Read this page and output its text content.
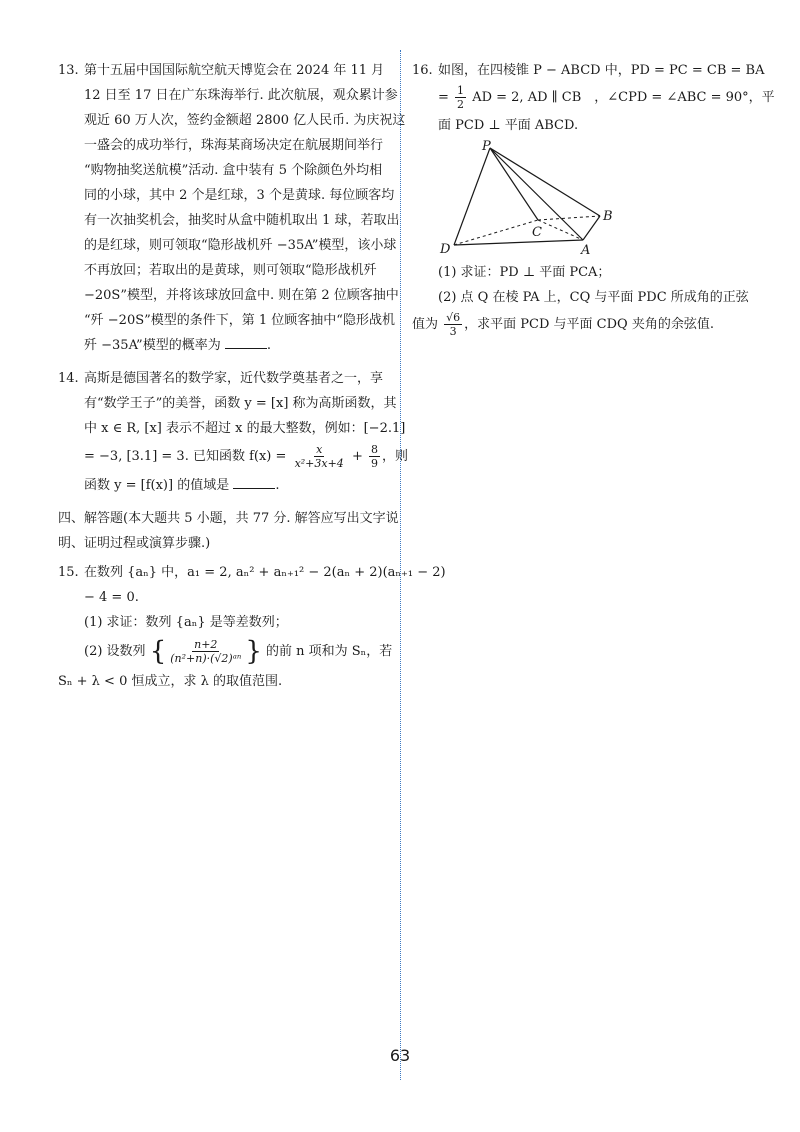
13. 第十五届中国国际航空航天博览会在 2024 年 11 月
12 日至 17 日在广东珠海举行. 此次航展，观众累计参
观近 60 万人次，签约金额超 2800 亿人民币. 为庆祝这
一盛会的成功举行，珠海某商场决定在航展期间举行
“购物抽奖送航模”活动. 盒中装有 5 个除颜色外均相
同的小球，其中 2 个是红球，3 个是黄球. 每位顾客均
有一次抽奖机会，抽奖时从盒中随机取出 1 球，若取出
的是红球，则可领取“隐形战机歼 −35A”模型，该小球
不再放回；若取出的是黄球，则可领取“隐形战机歼
−20S”模型，并将该球放回盒中. 则在第 2 位顾客抽中
“歼 −20S”模型的条件下，第 1 位顾客抽中“隐形战机
歼 −35A”模型的概率为	.
14. 高斯是德国著名的数学家，近代数学奠基者之一，享
有“数学王子”的美誉，函数 y = [x] 称为高斯函数，其
中 x ∈ R, [x] 表示不超过 x 的最大整数，例如：[−2.1]
= −3, [3.1] = 3. 已知函数 $f(x) = \frac{x}{\text{x²+3x+4}} + \frac{8}{9}$ ，则
函数 y = [f(x)] 的值域是	.
四、解答题(本大题共 5 小题，共 77 分. 解答应写出文字说
明、证明过程或演算步骤.)
15. 在数列 {aₙ} 中，a₁ = 2, aₙ² + aₙ₊₁² − 2(aₙ + 2)(aₙ₊₁ − 2)
− 4 = 0.
(1) 求证：数列 {aₙ} 是等差数列；
(2) 设数列 { $\frac{n+2}{\text{(n²+n)·(√2)ᵃⁿ}}$ } 的前 n 项和为 Sₙ，若
Sₙ + λ < 0 恒成立，求 λ 的取值范围.
16. 如图，在四棱锥 P − ABCD 中，PD = PC = CB = BA
= $\frac{1}{2}$ AD = 2, AD ∥ CB　，∠CPD = ∠ABC = 90°，平
面 PCD ⊥ 平面 ABCD.
P
B
C
D	A
(1) 求证：PD ⊥ 平面 PCA；
(2) 点 Q 在棱 PA 上，CQ 与平面 PDC 所成角的正弦
值为 $\frac{√6}{3}$ ，求平面 PCD 与平面 CDQ 夹角的余弦值.
63
